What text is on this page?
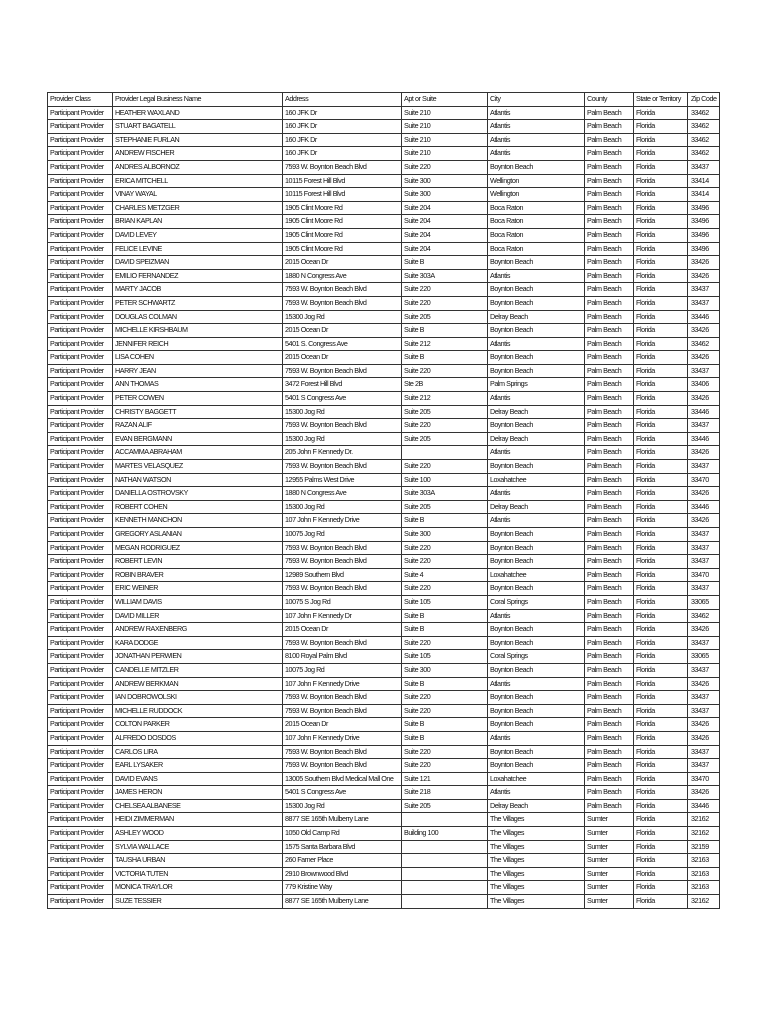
Provider Class	Provider Legal Business Name	Address	Apt or Suite	City	County	State or Territory	Zip Code
Participant Provider	HEATHER WAXLAND	160 JFK Dr	Suite 210	Atlantis	Palm Beach	Florida	33462
Participant Provider	STUART BAGATELL	160 JFK Dr	Suite 210	Atlantis	Palm Beach	Florida	33462
Participant Provider	STEPHANIE FURLAN	160 JFK Dr	Suite 210	Atlantis	Palm Beach	Florida	33462
Participant Provider	ANDREW FISCHER	160 JFK Dr	Suite 210	Atlantis	Palm Beach	Florida	33462
Participant Provider	ANDRES ALBORNOZ	7593 W. Boynton Beach Blvd	Suite 220	Boynton Beach	Palm Beach	Florida	33437
Participant Provider	ERICA MITCHELL	10115 Forest Hill Blvd	Suite 300	Wellington	Palm Beach	Florida	33414
Participant Provider	VINAY WAYAL	10115 Forest Hill Blvd	Suite 300	Wellington	Palm Beach	Florida	33414
Participant Provider	CHARLES METZGER	1905 Clint Moore Rd	Suite 204	Boca Raton	Palm Beach	Florida	33496
Participant Provider	BRIAN KAPLAN	1905 Clint Moore Rd	Suite 204	Boca Raton	Palm Beach	Florida	33496
Participant Provider	DAVID LEVEY	1905 Clint Moore Rd	Suite 204	Boca Raton	Palm Beach	Florida	33496
Participant Provider	FELICE LEVINE	1905 Clint Moore Rd	Suite 204	Boca Raton	Palm Beach	Florida	33496
Participant Provider	DAVID SPEIZMAN	2015 Ocean Dr	Suite B	Boynton Beach	Palm Beach	Florida	33426
Participant Provider	EMILIO FERNANDEZ	1880 N Congress Ave	Suite 303A	Atlantis	Palm Beach	Florida	33426
Participant Provider	MARTY JACOB	7593 W. Boynton Beach Blvd	Suite 220	Boynton Beach	Palm Beach	Florida	33437
Participant Provider	PETER SCHWARTZ	7593 W. Boynton Beach Blvd	Suite 220	Boynton Beach	Palm Beach	Florida	33437
Participant Provider	DOUGLAS COLMAN	15300 Jog Rd	Suite 205	Delray Beach	Palm Beach	Florida	33446
Participant Provider	MICHELLE KIRSHBAUM	2015 Ocean Dr	Suite B	Boynton Beach	Palm Beach	Florida	33426
Participant Provider	JENNIFER REICH	5401 S. Congress Ave	Suite 212	Atlantis	Palm Beach	Florida	33462
Participant Provider	LISA COHEN	2015 Ocean Dr	Suite B	Boynton Beach	Palm Beach	Florida	33426
Participant Provider	HARRY JEAN	7593 W. Boynton Beach Blvd	Suite 220	Boynton Beach	Palm Beach	Florida	33437
Participant Provider	ANN THOMAS	3472 Forest Hill Blvd	Ste 2B	Palm Springs	Palm Beach	Florida	33406
Participant Provider	PETER COWEN	5401 S Congress Ave	Suite 212	Atlantis	Palm Beach	Florida	33426
Participant Provider	CHRISTY BAGGETT	15300 Jog Rd	Suite 205	Delray Beach	Palm Beach	Florida	33446
Participant Provider	RAZAN ALIF	7593 W. Boynton Beach Blvd	Suite 220	Boynton Beach	Palm Beach	Florida	33437
Participant Provider	EVAN BERGMANN	15300 Jog Rd	Suite 205	Delray Beach	Palm Beach	Florida	33446
Participant Provider	ACCAMMA ABRAHAM	205 John F Kennedy Dr.		Atlantis	Palm Beach	Florida	33426
Participant Provider	MARTES VELASQUEZ	7593 W. Boynton Beach Blvd	Suite 220	Boynton Beach	Palm Beach	Florida	33437
Participant Provider	NATHAN WATSON	12955 Palms West Drive	Suite 100	Loxahatchee	Palm Beach	Florida	33470
Participant Provider	DANIELLA OSTROVSKY	1880 N Congress Ave	Suite 303A	Atlantis	Palm Beach	Florida	33426
Participant Provider	ROBERT COHEN	15300 Jog Rd	Suite 205	Delray Beach	Palm Beach	Florida	33446
Participant Provider	KENNETH MANCHON	107 John F Kennedy Drive	Suite B	Atlantis	Palm Beach	Florida	33426
Participant Provider	GREGORY ASLANIAN	10075 Jog Rd	Suite 300	Boynton Beach	Palm Beach	Florida	33437
Participant Provider	MEGAN RODRIGUEZ	7593 W. Boynton Beach Blvd	Suite 220	Boynton Beach	Palm Beach	Florida	33437
Participant Provider	ROBERT LEVIN	7593 W. Boynton Beach Blvd	Suite 220	Boynton Beach	Palm Beach	Florida	33437
Participant Provider	ROBIN BRAVER	12989 Southern Blvd	Suite 4	Loxahatchee	Palm Beach	Florida	33470
Participant Provider	ERIC WEINER	7593 W. Boynton Beach Blvd	Suite 220	Boynton Beach	Palm Beach	Florida	33437
Participant Provider	WILLIAM DAVIS	10075 S Jog Rd	Suite 105	Coral Springs	Palm Beach	Florida	33065
Participant Provider	DAVID MILLER	107 John F Kennedy Dr	Suite B	Atlantis	Palm Beach	Florida	33462
Participant Provider	ANDREW RAXENBERG	2015 Ocean Dr	Suite B	Boynton Beach	Palm Beach	Florida	33426
Participant Provider	KARA DODGE	7593 W. Boynton Beach Blvd	Suite 220	Boynton Beach	Palm Beach	Florida	33437
Participant Provider	JONATHAN PERWIEN	8100 Royal Palm Blvd	Suite 105	Coral Springs	Palm Beach	Florida	33065
Participant Provider	CANDELLE MITZLER	10075 Jog Rd	Suite 300	Boynton Beach	Palm Beach	Florida	33437
Participant Provider	ANDREW BERKMAN	107 John F Kennedy Drive	Suite B	Atlantis	Palm Beach	Florida	33426
Participant Provider	IAN DOBROWOLSKI	7593 W. Boynton Beach Blvd	Suite 220	Boynton Beach	Palm Beach	Florida	33437
Participant Provider	MICHELLE RUDDOCK	7593 W. Boynton Beach Blvd	Suite 220	Boynton Beach	Palm Beach	Florida	33437
Participant Provider	COLTON PARKER	2015 Ocean Dr	Suite B	Boynton Beach	Palm Beach	Florida	33426
Participant Provider	ALFREDO DOSDOS	107 John F Kennedy Drive	Suite B	Atlantis	Palm Beach	Florida	33426
Participant Provider	CARLOS LIRA	7593 W. Boynton Beach Blvd	Suite 220	Boynton Beach	Palm Beach	Florida	33437
Participant Provider	EARL LYSAKER	7593 W. Boynton Beach Blvd	Suite 220	Boynton Beach	Palm Beach	Florida	33437
Participant Provider	DAVID EVANS	13005 Southern Blvd Medical Mall One	Suite 121	Loxahatchee	Palm Beach	Florida	33470
Participant Provider	JAMES HERON	5401 S Congress Ave	Suite 218	Atlantis	Palm Beach	Florida	33426
Participant Provider	CHELSEA ALBANESE	15300 Jog Rd	Suite 205	Delray Beach	Palm Beach	Florida	33446
Participant Provider	HEIDI ZIMMERMAN	8877 SE 165th Mulberry Lane		The Villages	Sumter	Florida	32162
Participant Provider	ASHLEY WOOD	1050 Old Camp Rd	Building 100	The Villages	Sumter	Florida	32162
Participant Provider	SYLVIA WALLACE	1575 Santa Barbara Blvd		The Villages	Sumter	Florida	32159
Participant Provider	TAUSHA URBAN	260 Farner Place		The Villages	Sumter	Florida	32163
Participant Provider	VICTORIA TUTEN	2910 Brownwood Blvd		The Villages	Sumter	Florida	32163
Participant Provider	MONICA TRAYLOR	779 Kristine Way		The Villages	Sumter	Florida	32163
Participant Provider	SUZE TESSIER	8877 SE 165th Mulberry Lane		The Villages	Sumter	Florida	32162
